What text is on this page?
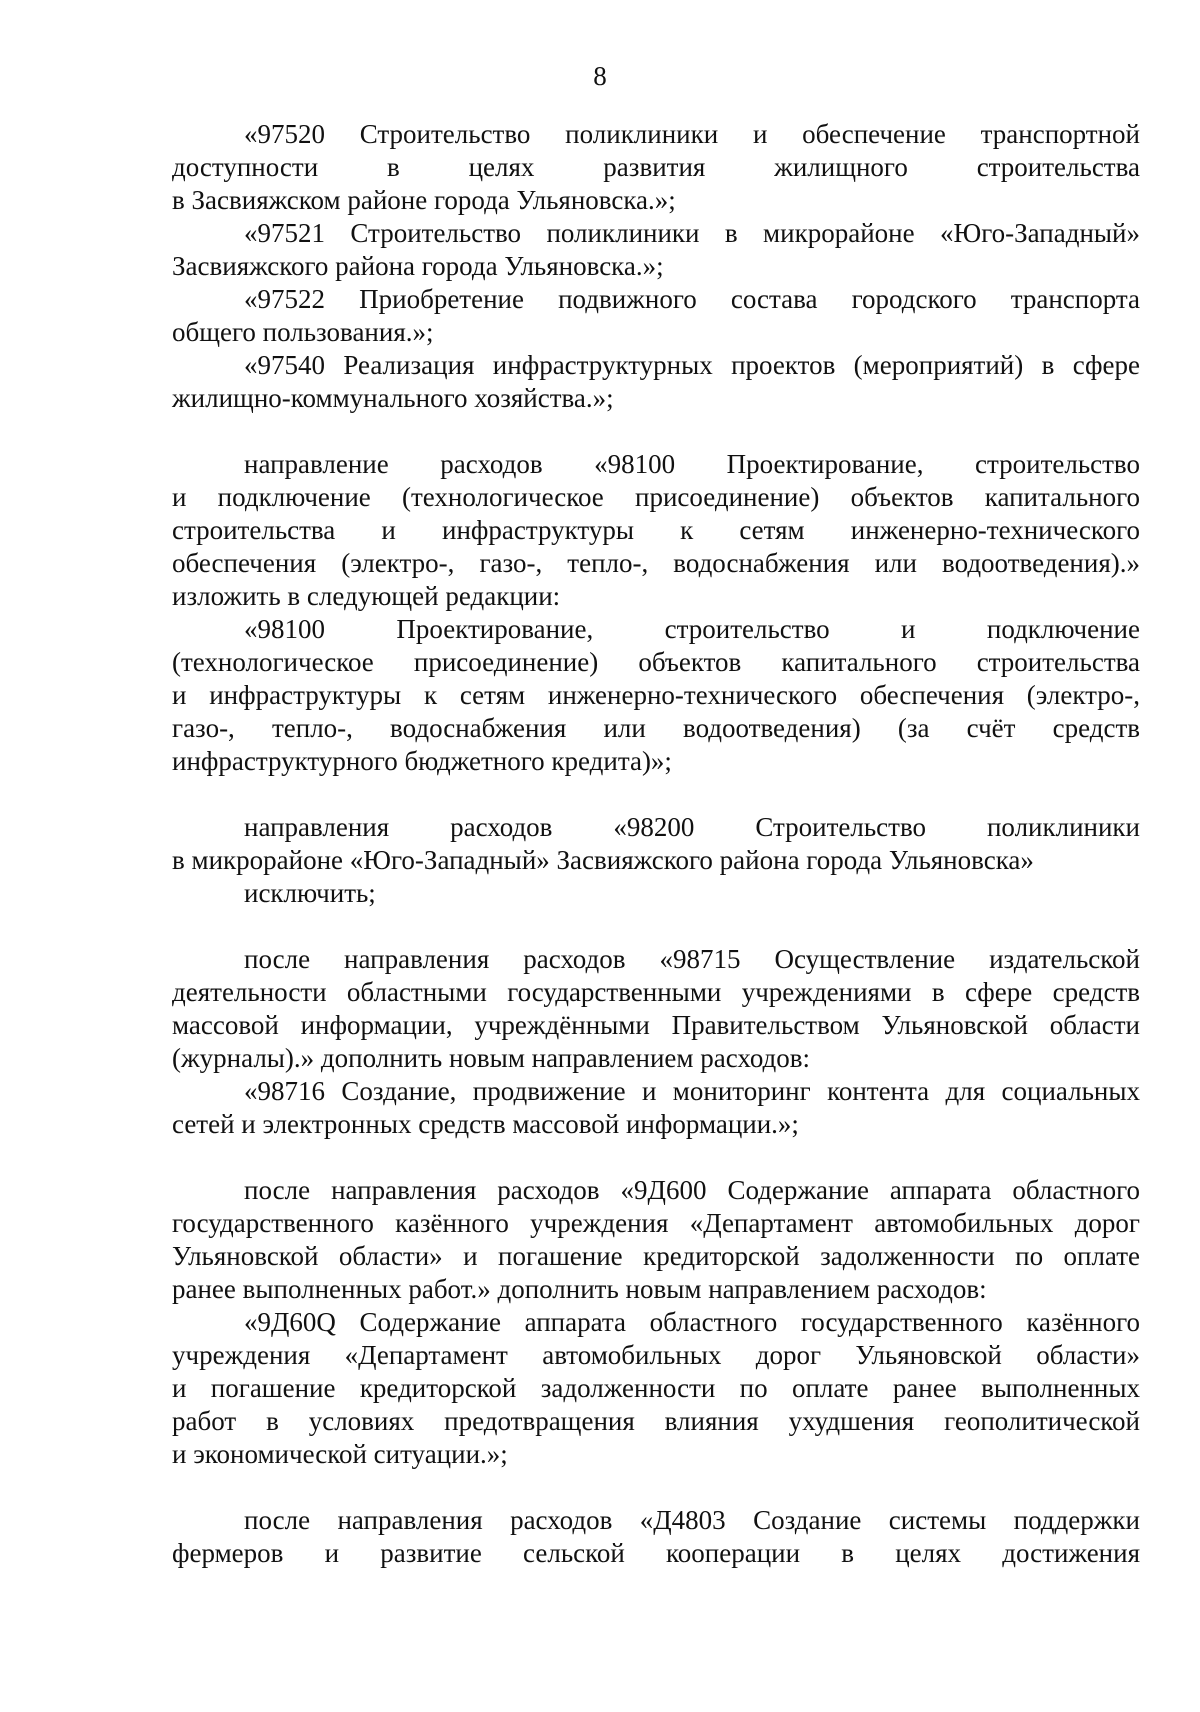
8
«97520 Строительство поликлиники и обеспечение транспортной
доступности в целях развития жилищного строительства
в Засвияжском районе города Ульяновска.»;
«97521 Строительство поликлиники в микрорайоне «Юго-Западный»
Засвияжского района города Ульяновска.»;
«97522 Приобретение подвижного состава городского транспорта
общего пользования.»;
«97540 Реализация инфраструктурных проектов (мероприятий) в сфере
жилищно-коммунального хозяйства.»;
направление расходов «98100 Проектирование, строительство
и подключение (технологическое присоединение) объектов капитального
строительства и инфраструктуры к сетям инженерно-технического
обеспечения (электро-, газо-, тепло-, водоснабжения или водоотведения).»
изложить в следующей редакции:
«98100 Проектирование, строительство и подключение
(технологическое присоединение) объектов капитального строительства
и инфраструктуры к сетям инженерно-технического обеспечения (электро-,
газо-, тепло-, водоснабжения или водоотведения) (за счёт средств
инфраструктурного бюджетного кредита)»;
направления расходов «98200 Строительство поликлиники
в микрорайоне «Юго-Западный» Засвияжского района города Ульяновска»
исключить;
после направления расходов «98715 Осуществление издательской
деятельности областными государственными учреждениями в сфере средств
массовой информации, учреждёнными Правительством Ульяновской области
(журналы).» дополнить новым направлением расходов:
«98716 Создание, продвижение и мониторинг контента для социальных
сетей и электронных средств массовой информации.»;
после направления расходов «9Д600 Содержание аппарата областного
государственного казённого учреждения «Департамент автомобильных дорог
Ульяновской области» и погашение кредиторской задолженности по оплате
ранее выполненных работ.» дополнить новым направлением расходов:
«9Д60Q Содержание аппарата областного государственного казённого
учреждения «Департамент автомобильных дорог Ульяновской области»
и погашение кредиторской задолженности по оплате ранее выполненных
работ в условиях предотвращения влияния ухудшения геополитической
и экономической ситуации.»;
после направления расходов «Д4803 Создание системы поддержки
фермеров и развитие сельской кооперации в целях достижения
